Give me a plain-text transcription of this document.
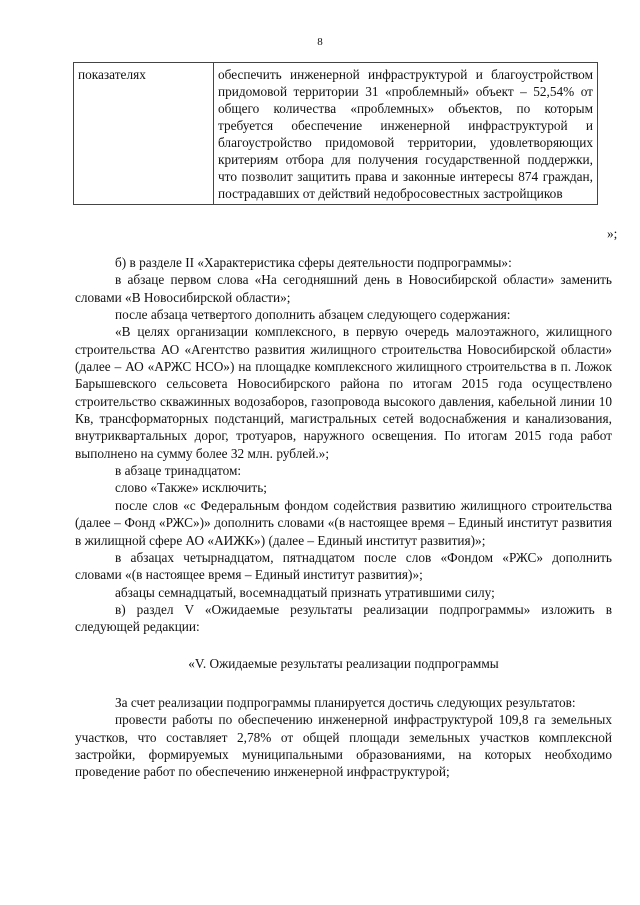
8
показателях	обеспечить инженерной инфраструктурой и благоустройством придомовой территории 31 «проблемный» объект – 52,54% от общего количества «проблемных» объектов, по которым требуется обеспечение инженерной инфраструктурой и благоустройство придомовой территории, удовлетворяющих критериям отбора для получения государственной поддержки, что позволит защитить права и законные интересы 874 граждан, пострадавших от действий недобросовестных застройщиков
»;

б) в разделе II «Характеристика сферы деятельности подпрограммы»:

в абзаце первом слова «На сегодняшний день в Новосибирской области» заменить словами «В Новосибирской области»;

после абзаца четвертого дополнить абзацем следующего содержания:

«В целях организации комплексного, в первую очередь малоэтажного, жилищного строительства АО «Агентство развития жилищного строительства Новосибирской области» (далее – АО «АРЖС НСО») на площадке комплексного жилищного строительства в п. Ложок Барышевского сельсовета Новосибирского района по итогам 2015 года осуществлено строительство скважинных водозаборов, газопровода высокого давления, кабельной линии 10 Кв, трансформаторных подстанций, магистральных сетей водоснабжения и канализования, внутриквартальных дорог, тротуаров, наружного освещения. По итогам 2015 года работ выполнено на сумму более 32 млн. рублей.»;

в абзаце тринадцатом:

слово «Также» исключить;

после слов «с Федеральным фондом содействия развитию жилищного строительства (далее – Фонд «РЖС»)» дополнить словами «(в настоящее время – Единый институт развития в жилищной сфере АО «АИЖК») (далее – Единый институт развития)»;

в абзацах четырнадцатом, пятнадцатом после слов «Фондом «РЖС» дополнить словами «(в настоящее время – Единый институт развития)»;

абзацы семнадцатый, восемнадцатый признать утратившими силу;

в) раздел V «Ожидаемые результаты реализации подпрограммы» изложить в следующей редакции:

«V. Ожидаемые результаты реализации подпрограммы

За счет реализации подпрограммы планируется достичь следующих результатов:

провести работы по обеспечению инженерной инфраструктурой 109,8 га земельных участков, что составляет 2,78% от общей площади земельных участков комплексной застройки, формируемых муниципальными образованиями, на которых необходимо проведение работ по обеспечению инженерной инфраструктурой;
